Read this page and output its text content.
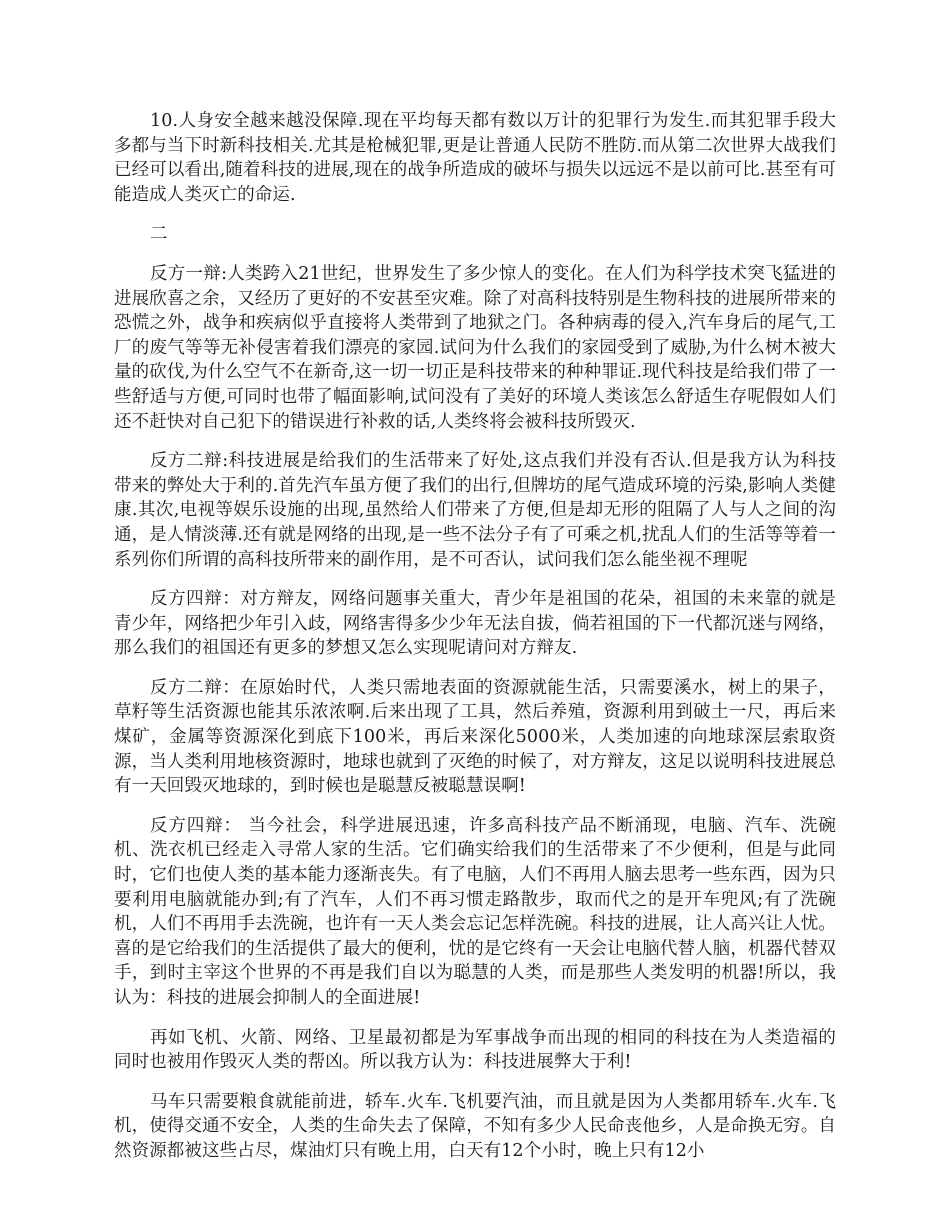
10.人身安全越来越没保障.现在平均每天都有数以万计的犯罪行为发生.而其犯罪手段大多都与当下时新科技相关.尤其是枪械犯罪,更是让普通人民防不胜防.而从第二次世界大战我们已经可以看出,随着科技的进展,现在的战争所造成的破坏与损失以远远不是以前可比.甚至有可能造成人类灭亡的命运.

二

反方一辩:人类跨入21世纪，世界发生了多少惊人的变化。在人们为科学技术突飞猛进的进展欣喜之余，又经历了更好的不安甚至灾难。除了对高科技特别是生物科技的进展所带来的恐慌之外，战争和疾病似乎直接将人类带到了地狱之门。各种病毒的侵入,汽车身后的尾气,工厂的废气等等无补侵害着我们漂亮的家园.试问为什么我们的家园受到了威胁,为什么树木被大量的砍伐,为什么空气不在新奇,这一切一切正是科技带来的种种罪证.现代科技是给我们带了一些舒适与方便,可同时也带了幅面影响,试问没有了美好的环境人类该怎么舒适生存呢假如人们还不赶快对自己犯下的错误进行补救的话,人类终将会被科技所毁灭.

反方二辩:科技进展是给我们的生活带来了好处,这点我们并没有否认.但是我方认为科技带来的弊处大于利的.首先汽车虽方便了我们的出行,但牌坊的尾气造成环境的污染,影响人类健康.其次,电视等娱乐设施的出现,虽然给人们带来了方便,但是却无形的阻隔了人与人之间的沟通，是人情淡薄.还有就是网络的出现,是一些不法分子有了可乘之机,扰乱人们的生活等等着一系列你们所谓的高科技所带来的副作用，是不可否认，试问我们怎么能坐视不理呢

反方四辩：对方辩友，网络问题事关重大，青少年是祖国的花朵，祖国的未来靠的就是青少年，网络把少年引入歧，网络害得多少少年无法自拔，倘若祖国的下一代都沉迷与网络，那么我们的祖国还有更多的梦想又怎么实现呢请问对方辩友.

反方二辩：在原始时代，人类只需地表面的资源就能生活，只需要溪水，树上的果子，草籽等生活资源也能其乐浓浓啊.后来出现了工具，然后养殖，资源利用到破土一尺，再后来煤矿，金属等资源深化到底下100米，再后来深化5000米，人类加速的向地球深层索取资源，当人类利用地核资源时，地球也就到了灭绝的时候了，对方辩友，这足以说明科技进展总有一天回毁灭地球的，到时候也是聪慧反被聪慧误啊!

反方四辩： 当今社会，科学进展迅速，许多高科技产品不断涌现，电脑、汽车、洗碗机、洗衣机已经走入寻常人家的生活。它们确实给我们的生活带来了不少便利，但是与此同时，它们也使人类的基本能力逐渐丧失。有了电脑，人们不再用人脑去思考一些东西，因为只要利用电脑就能办到;有了汽车，人们不再习惯走路散步，取而代之的是开车兜风;有了洗碗机，人们不再用手去洗碗，也许有一天人类会忘记怎样洗碗。科技的进展，让人高兴让人忧。喜的是它给我们的生活提供了最大的便利，忧的是它终有一天会让电脑代替人脑，机器代替双手，到时主宰这个世界的不再是我们自以为聪慧的人类，而是那些人类发明的机器!所以，我认为：科技的进展会抑制人的全面进展!

再如飞机、火箭、网络、卫星最初都是为军事战争而出现的相同的科技在为人类造福的同时也被用作毁灭人类的帮凶。所以我方认为：科技进展弊大于利!

马车只需要粮食就能前进，轿车.火车.飞机要汽油，而且就是因为人类都用轿车.火车.飞机，使得交通不安全，人类的生命失去了保障，不知有多少人民命丧他乡，人是命换无穷。自然资源都被这些占尽，煤油灯只有晚上用，白天有12个小时，晚上只有12小
